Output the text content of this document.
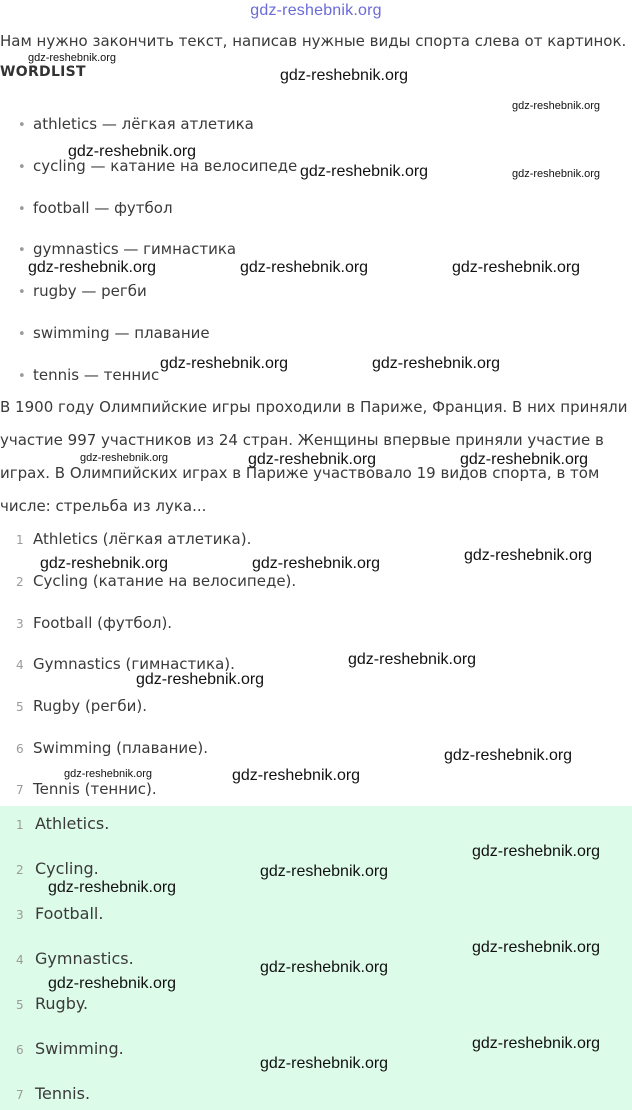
gdz-reshebnik.org
Нам нужно закончить текст, написав нужные виды спорта слева от картинок.
WORDLIST
• athletics — лёгкая атлетика
• cycling — катание на велосипеде
• football — футбол
• gymnastics — гимнастика
• rugby — регби
• swimming — плавание
• tennis — теннис
В 1900 году Олимпийские игры проходили в Париже, Франция. В них приняли
участие 997 участников из 24 стран. Женщины впервые приняли участие в
играх. В Олимпийских играх в Париже участвовало 19 видов спорта, в том
числе: стрельба из лука...
1 Athletics (лёгкая атлетика).
2 Cycling (катание на велосипеде).
3 Football (футбол).
4 Gymnastics (гимнастика).
5 Rugby (регби).
6 Swimming (плавание).
7 Tennis (теннис).
1 Athletics.
2 Cycling.
3 Football.
4 Gymnastics.
5 Rugby.
6 Swimming.
7 Tennis.
gdz-reshebnik.org
gdz-reshebnik.org
gdz-reshebnik.org
gdz-reshebnik.org
gdz-reshebnik.org	gdz-reshebnik.org
gdz-reshebnik.org	gdz-reshebnik.org	gdz-reshebnik.org
gdz-reshebnik.org	gdz-reshebnik.org
gdz-reshebnik.org	gdz-reshebnik.org	gdz-reshebnik.org
gdz-reshebnik.org	gdz-reshebnik.org	gdz-reshebnik.org
gdz-reshebnik.org
gdz-reshebnik.org
gdz-reshebnik.org
gdz-reshebnik.org	gdz-reshebnik.org
gdz-reshebnik.org
gdz-reshebnik.org
gdz-reshebnik.org
gdz-reshebnik.org
gdz-reshebnik.org
gdz-reshebnik.org
gdz-reshebnik.org
gdz-reshebnik.org
